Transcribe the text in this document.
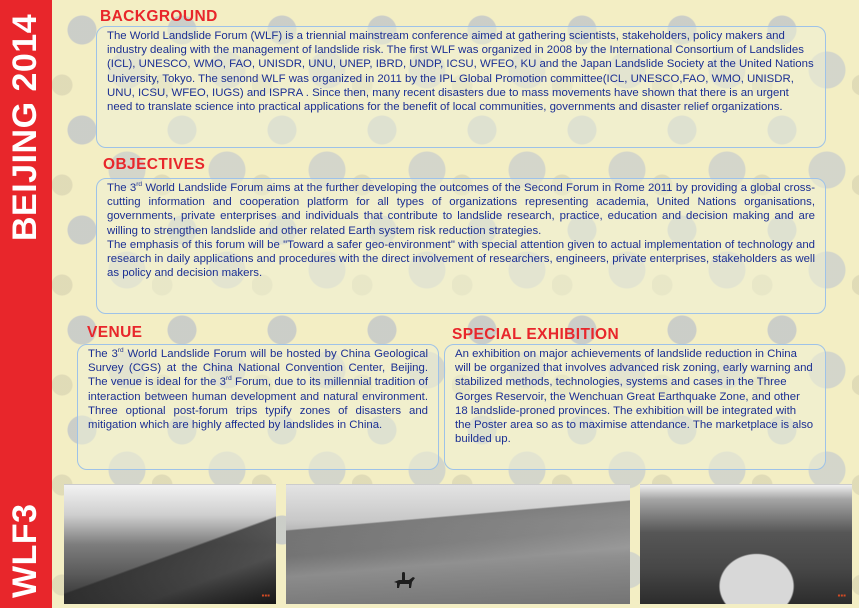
BEIJING 2014
WLF3
BACKGROUND

The World Landslide Forum (WLF) is a triennial mainstream conference aimed at gathering scientists, stakeholders, policy makers and industry dealing with the management of landslide risk. The first WLF was organized in 2008 by the International Consortium of Landslides (ICL), UNESCO, WMO, FAO, UNISDR, UNU, UNEP, IBRD, UNDP, ICSU, WFEO, KU and the Japan Landslide Society at the United Nations University, Tokyo. The senond WLF was organized in 2011 by the IPL Global Promotion committee(ICL, UNESCO,FAO, WMO, UNISDR, UNU, ICSU, WFEO, IUGS) and ISPRA . Since then, many recent disasters due to mass movements have shown that there is an urgent need to translate science into practical applications for the benefit of local communities, governments and disaster relief organizations.

OBJECTIVES

The 3rd World Landslide Forum aims at the further developing the outcomes of the Second Forum in Rome 2011 by providing a global cross-cutting information and cooperation platform for all types of organizations representing academia, United Nations organisations, governments, private enterprises and individuals that contribute to landslide research, practice, education and decision making and are willing to strengthen landslide and other related Earth system risk reduction strategies.

The emphasis of this forum will be "Toward a safer geo-environment" with special attention given to actual implementation of technology and research in daily applications and procedures with the direct involvement of researchers, engineers, private enterprises, stakeholders as well as policy and decision makers.

VENUE

The 3rd World Landslide Forum will be hosted by China Geological Survey (CGS) at the China National Convention Center, Beijing. The venue is ideal for the 3rd Forum, due to its millennial tradition of interaction between human development and natural environment. Three optional post-forum trips typify zones of disasters and mitigation which are highly affected by landslides in China.

SPECIAL EXHIBITION

An exhibition on major achievements of landslide reduction in China will be organized that involves advanced risk zoning, early warning and stabilized methods, technologies, systems and cases in the Three Gorges Reservoir, the Wenchuan Great Earthquake Zone, and other 18 landslide-proned provinces. The exhibition will be integrated with the Poster area so as to maximise attendance. The marketplace is also builded up.

▪▪▪	▪▪▪
